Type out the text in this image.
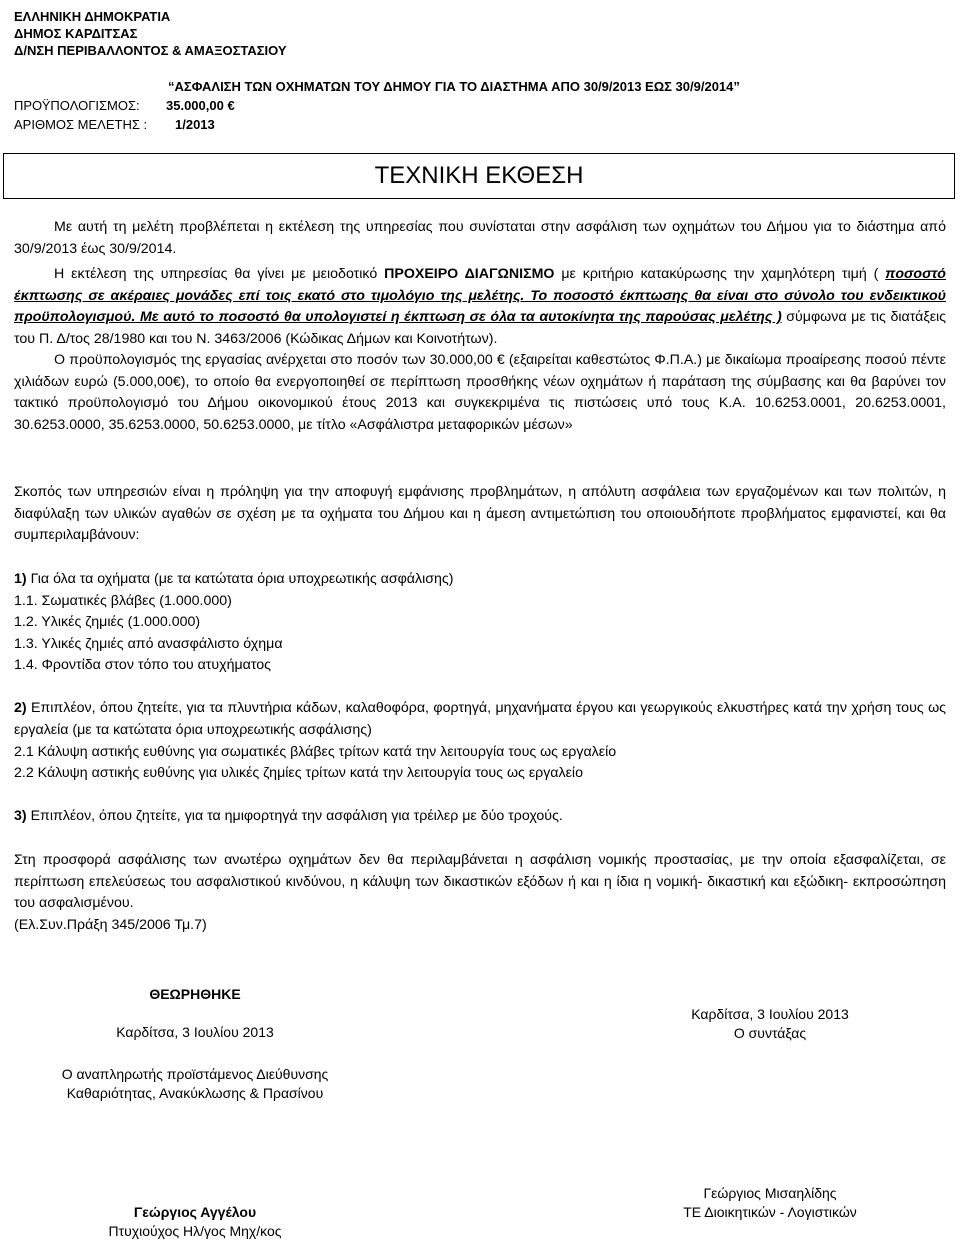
ΕΛΛΗΝΙΚΗ ΔΗΜΟΚΡΑΤΙΑ
ΔΗΜΟΣ ΚΑΡΔΙΤΣΑΣ
Δ/ΝΣΗ ΠΕΡΙΒΑΛΛΟΝΤΟΣ & ΑΜΑΞΟΣΤΑΣΙΟΥ
“ΑΣΦΑΛΙΣΗ ΤΩΝ ΟΧΗΜΑΤΩΝ ΤΟΥ ΔΗΜΟΥ ΓΙΑ ΤΟ ΔΙΑΣΤΗΜΑ ΑΠΟ 30/9/2013 ΕΩΣ 30/9/2014”
ΠΡΟΫΠΟΛΟΓΙΣΜΟΣ: 35.000,00 €
ΑΡΙΘΜΟΣ ΜΕΛΕΤΗΣ : 1/2013
ΤΕΧΝΙΚΗ ΕΚΘΕΣΗ
Με αυτή τη μελέτη προβλέπεται η εκτέλεση της υπηρεσίας που συνίσταται στην ασφάλιση των οχημάτων του Δήμου για το διάστημα από 30/9/2013 έως 30/9/2014.
Η εκτέλεση της υπηρεσίας θα γίνει με μειοδοτικό ΠΡΟΧΕΙΡΟ ΔΙΑΓΩΝΙΣΜΟ με κριτήριο κατακύρωσης την χαμηλότερη τιμή ( ποσοστό έκπτωσης σε ακέραιες μονάδες επί τοις εκατό στο τιμολόγιο της μελέτης. Το ποσοστό έκπτωσης θα είναι στο σύνολο του ενδεικτικού προϋπολογισμού. Με αυτό το ποσοστό θα υπολογιστεί η έκπτωση σε όλα τα αυτοκίνητα της παρούσας μελέτης ) σύμφωνα με τις διατάξεις του Π. Δ/τος 28/1980 και του Ν. 3463/2006 (Κώδικας Δήμων και Κοινοτήτων).
Ο προϋπολογισμός της εργασίας ανέρχεται στο ποσόν των 30.000,00 € (εξαιρείται καθεστώτος Φ.Π.Α.) με δικαίωμα προαίρεσης ποσού πέντε χιλιάδων ευρώ (5.000,00€), το οποίο θα ενεργοποιηθεί σε περίπτωση προσθήκης νέων οχημάτων ή παράταση της σύμβασης και θα βαρύνει τον τακτικό προϋπολογισμό του Δήμου οικονομικού έτους 2013 και συγκεκριμένα τις πιστώσεις υπό τους Κ.Α. 10.6253.0001, 20.6253.0001, 30.6253.0000, 35.6253.0000, 50.6253.0000, με τίτλο «Ασφάλιστρα μεταφορικών μέσων»
Σκοπός των υπηρεσιών είναι η πρόληψη για την αποφυγή εμφάνισης προβλημάτων, η απόλυτη ασφάλεια των εργαζομένων και των πολιτών, η διαφύλαξη των υλικών αγαθών σε σχέση με τα οχήματα του Δήμου και η άμεση αντιμετώπιση του οποιουδήποτε προβλήματος εμφανιστεί, και θα συμπεριλαμβάνουν:
1) Για όλα τα οχήματα (με τα κατώτατα όρια υποχρεωτικής ασφάλισης)
1.1. Σωματικές βλάβες (1.000.000)
1.2. Υλικές ζημιές (1.000.000)
1.3. Υλικές ζημιές από ανασφάλιστο όχημα
1.4. Φροντίδα στον τόπο του ατυχήματος
2) Επιπλέον, όπου ζητείτε, για τα πλυντήρια κάδων, καλαθοφόρα, φορτηγά, μηχανήματα έργου και γεωργικούς ελκυστήρες κατά την χρήση τους ως εργαλεία (με τα κατώτατα όρια υποχρεωτικής ασφάλισης)
2.1 Κάλυψη αστικής ευθύνης για σωματικές βλάβες τρίτων κατά την λειτουργία τους ως εργαλείο
2.2 Κάλυψη αστικής ευθύνης για υλικές ζημίες τρίτων κατά την λειτουργία τους ως εργαλείο
3) Επιπλέον, όπου ζητείτε, για τα ημιφορτηγά την ασφάλιση για τρέιλερ με δύο τροχούς.
Στη προσφορά ασφάλισης των ανωτέρω οχημάτων δεν θα περιλαμβάνεται η ασφάλιση νομικής προστασίας, με την οποία εξασφαλίζεται, σε περίπτωση επελεύσεως του ασφαλιστικού κινδύνου, η κάλυψη των δικαστικών εξόδων ή και η ίδια η νομική- δικαστική και εξώδικη- εκπροσώπηση του ασφαλισμένου.
(Ελ.Συν.Πράξη 345/2006 Τμ.7)
ΘΕΩΡΗΘΗΚΕ
Καρδίτσα, 3 Ιουλίου 2013
Ο αναπληρωτής προϊστάμενος Διεύθυνσης
Καθαριότητας, Ανακύκλωσης & Πρασίνου
Γεώργιος Αγγέλου
Πτυχιούχος Ηλ/γος Μηχ/κος
Καρδίτσα, 3 Ιουλίου 2013
Ο συντάξας
Γεώργιος Μισαηλίδης
ΤΕ Διοικητικών - Λογιστικών
